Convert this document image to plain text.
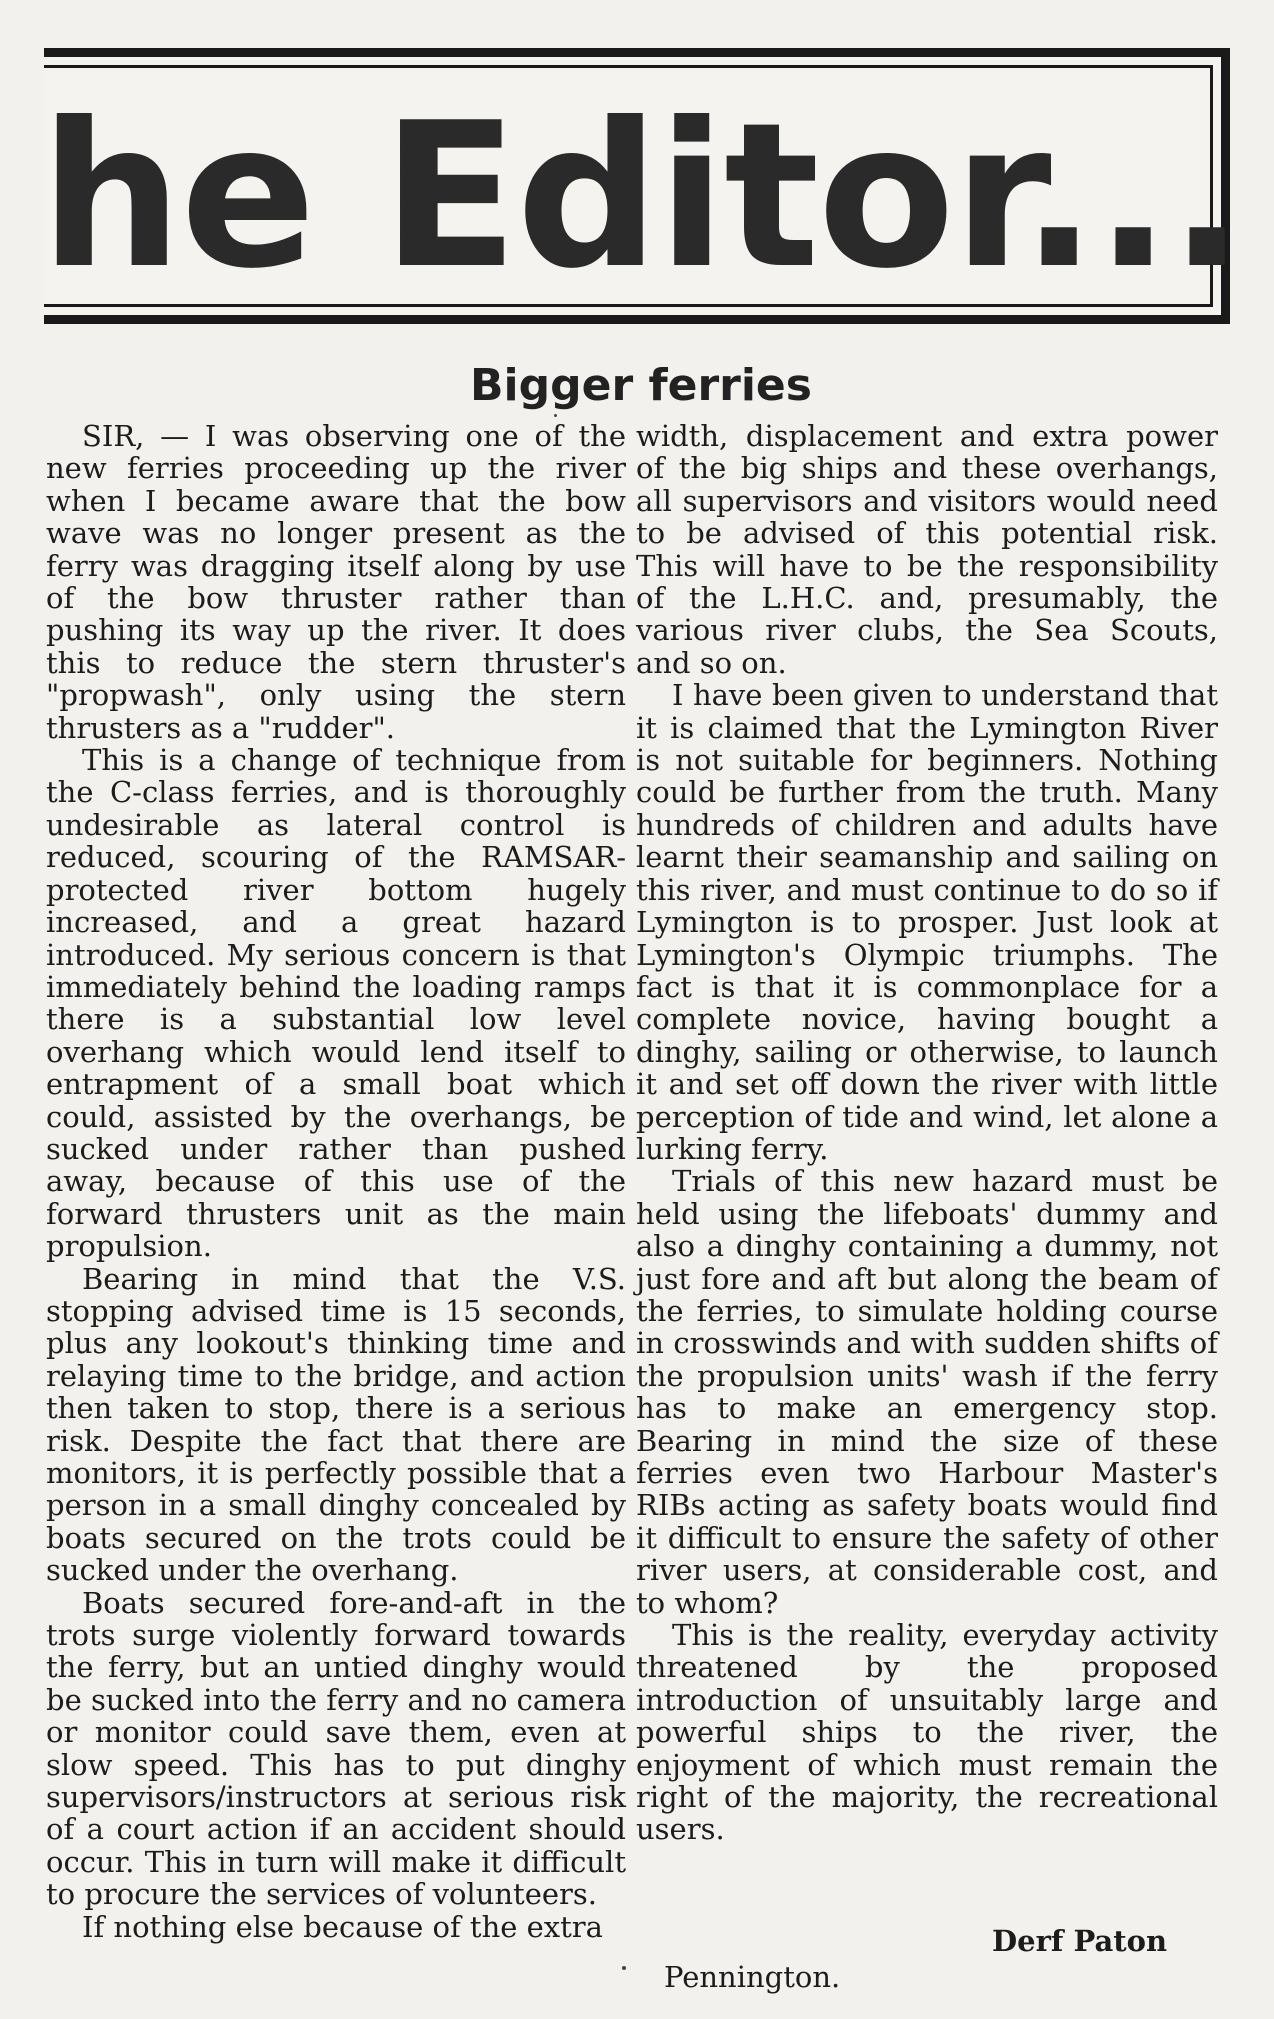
he Editor...
Bigger ferries

SIR, — I was observing one of the new ferries proceeding up the river when I became aware that the bow wave was no longer present as the ferry was dragging itself along by use of the bow thruster rather than pushing its way up the river. It does this to reduce the stern thruster's "propwash", only using the stern thrusters as a "rudder".

This is a change of technique from the C-class ferries, and is thoroughly undesirable as lateral control is reduced, scouring of the RAMSAR-protected river bottom hugely increased, and a great hazard introduced. My serious concern is that immediately behind the loading ramps there is a substantial low level overhang which would lend itself to entrapment of a small boat which could, assisted by the overhangs, be sucked under rather than pushed away, because of this use of the forward thrusters unit as the main propulsion.

Bearing in mind that the V.S. stopping advised time is 15 seconds, plus any lookout's thinking time and relaying time to the bridge, and action then taken to stop, there is a serious risk. Despite the fact that there are monitors, it is perfectly possible that a person in a small dinghy concealed by boats secured on the trots could be sucked under the overhang.

Boats secured fore-and-aft in the trots surge violently forward towards the ferry, but an untied dinghy would be sucked into the ferry and no camera or monitor could save them, even at slow speed. This has to put dinghy supervisors/instructors at serious risk of a court action if an accident should occur. This in turn will make it difficult to procure the services of volunteers.

If nothing else because of the extra

width, displacement and extra power of the big ships and these overhangs, all supervisors and visitors would need to be advised of this potential risk. This will have to be the responsibility of the L.H.C. and, presumably, the various river clubs, the Sea Scouts, and so on.

I have been given to understand that it is claimed that the Lymington River is not suitable for beginners. Nothing could be further from the truth. Many hundreds of children and adults have learnt their seamanship and sailing on this river, and must continue to do so if Lymington is to prosper. Just look at Lymington's Olympic triumphs. The fact is that it is commonplace for a complete novice, having bought a dinghy, sailing or otherwise, to launch it and set off down the river with little perception of tide and wind, let alone a lurking ferry.

Trials of this new hazard must be held using the lifeboats' dummy and also a dinghy containing a dummy, not just fore and aft but along the beam of the ferries, to simulate holding course in crosswinds and with sudden shifts of the propulsion units' wash if the ferry has to make an emergency stop. Bearing in mind the size of these ferries even two Harbour Master's RIBs acting as safety boats would find it difficult to ensure the safety of other river users, at considerable cost, and to whom?

This is the reality, everyday activity threatened by the proposed introduction of unsuitably large and powerful ships to the river, the enjoyment of which must remain the right of the majority, the recreational users.

Derf Paton
Pennington.
